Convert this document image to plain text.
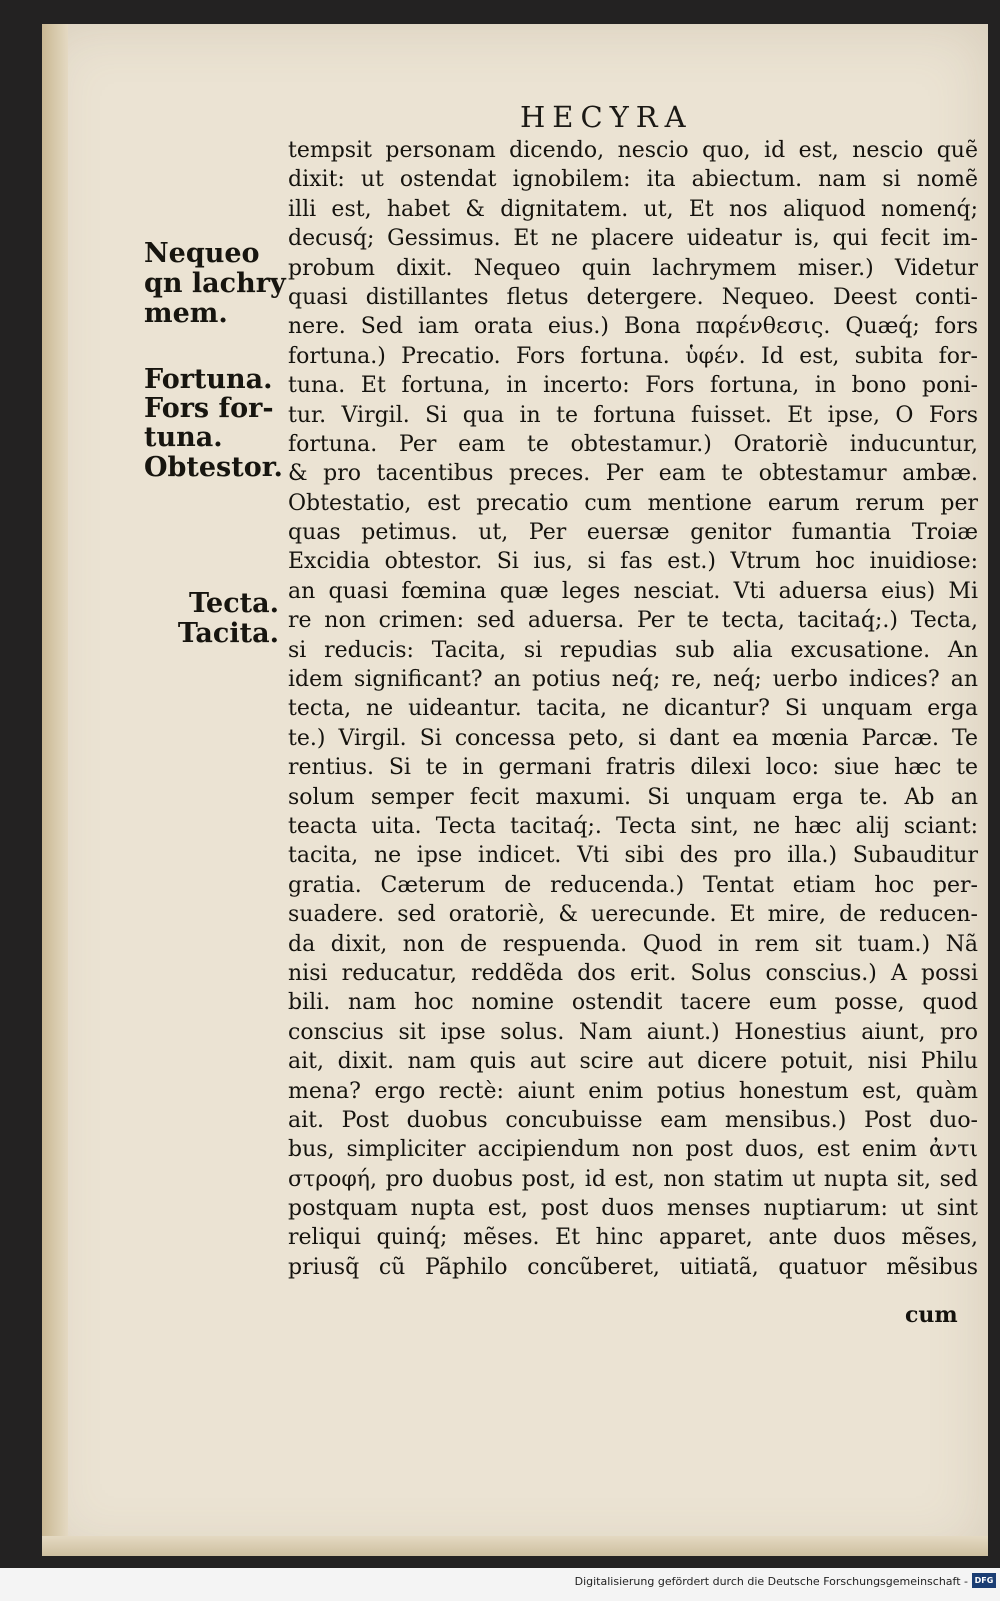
HECYRA
Nequeo
qn lachry
mem.
Fortuna.
Fors for-
tuna.
Obtestor.
Tecta.
Tacita.
tempsit personam dicendo, nescio quo, id est, nescio quẽ
dixit: ut ostendat ignobilem: ita abiectum. nam si nomẽ
illi est, habet & dignitatem. ut, Et nos aliquod nomenq́;
decusq́; Gessimus. Et ne placere uideatur is, qui fecit im-
probum dixit. Nequeo quin lachrymem miser.) Videtur
quasi distillantes fletus detergere. Nequeo. Deest conti-
nere. Sed iam orata eius.) Bona παρένθεσις. Quæq́; fors
fortuna.) Precatio. Fors fortuna. ὑφέν. Id est, subita for-
tuna. Et fortuna, in incerto: Fors fortuna, in bono poni-
tur. Virgil. Si qua in te fortuna fuisset. Et ipse, O Fors
fortuna. Per eam te obtestamur.) Oratoriè inducuntur,
& pro tacentibus preces. Per eam te obtestamur ambæ.
Obtestatio, est precatio cum mentione earum rerum per
quas petimus. ut, Per euersæ genitor fumantia Troiæ
Excidia obtestor. Si ius, si fas est.) Vtrum hoc inuidiose:
an quasi fœmina quæ leges nesciat. Vti aduersa eius) Mi
re non crimen: sed aduersa. Per te tecta, tacitaq́;.) Tecta,
si reducis: Tacita, si repudias sub alia excusatione. An
idem significant? an potius neq́; re, neq́; uerbo indices? an
tecta, ne uideantur. tacita, ne dicantur? Si unquam erga
te.) Virgil. Si concessa peto, si dant ea mœnia Parcæ. Te
rentius. Si te in germani fratris dilexi loco: siue hæc te
solum semper fecit maxumi. Si unquam erga te. Ab an
teacta uita. Tecta tacitaq́;. Tecta sint, ne hæc alij sciant:
tacita, ne ipse indicet. Vti sibi des pro illa.) Subauditur
gratia. Cæterum de reducenda.) Tentat etiam hoc per-
suadere. sed oratoriè, & uerecunde. Et mire, de reducen-
da dixit, non de respuenda. Quod in rem sit tuam.) Nã
nisi reducatur, reddẽda dos erit. Solus conscius.) A possi
bili. nam hoc nomine ostendit tacere eum posse, quod
conscius sit ipse solus. Nam aiunt.) Honestius aiunt, pro
ait, dixit. nam quis aut scire aut dicere potuit, nisi Philu
mena? ergo rectè: aiunt enim potius honestum est, quàm
ait. Post duobus concubuisse eam mensibus.) Post duo-
bus, simpliciter accipiendum non post duos, est enim ἀντι
στροφή, pro duobus post, id est, non statim ut nupta sit, sed
postquam nupta est, post duos menses nuptiarum: ut sint
reliqui quinq́; mẽses. Et hinc apparet, ante duos mẽses,
priusq̃ cũ Pãphilo concũberet, uitiatã, quatuor mẽsibus
cum
Digitalisierung gefördert durch die Deutsche Forschungsgemeinschaft - DFG
